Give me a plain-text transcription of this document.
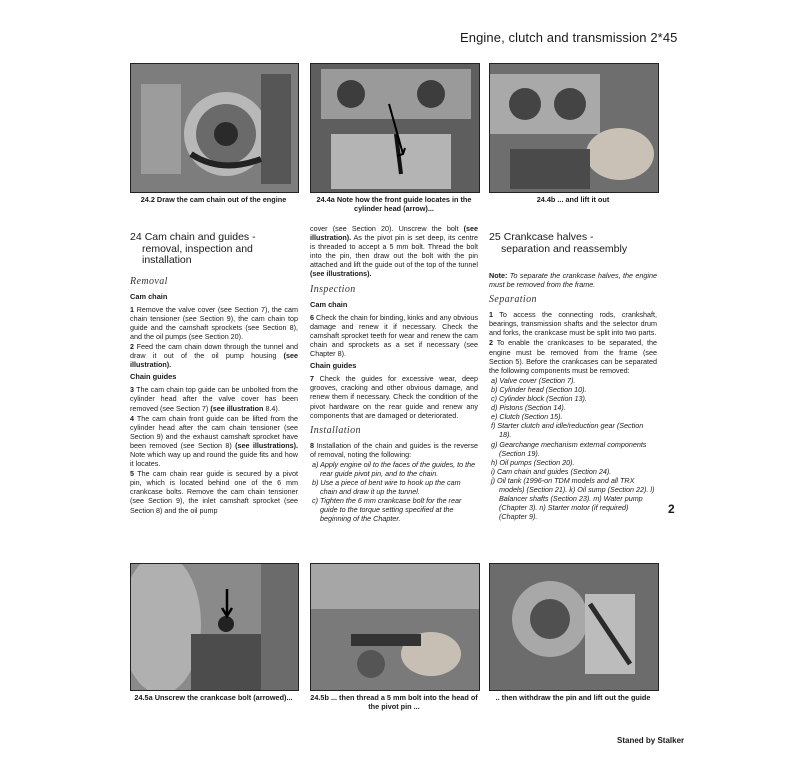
Engine, clutch and transmission 2*45
24.2 Draw the cam chain out of the engine	24.4a Note how the front guide locates in the cylinder head (arrow)...
24.4b ... and lift it out
24 Cam chain and guides -
removal, inspection and
installation
Removal
Cam chain

1 Remove the valve cover (see Section 7), the cam chain tensioner (see Section 9), the cam chain top guide and the camshaft sprockets (see Section 8), and the oil pumps (see Section 20).

2 Feed the cam chain down through the tunnel and draw it out of the oil pump housing (see illustration).

Chain guides

3 The cam chain top guide can be unbolted from the cylinder head after the valve cover has been removed (see Section 7) (see illustration 8.4).

4 The cam chain front guide can be lifted from the cylinder head after the cam chain tensioner (see Section 9) and the exhaust camshaft sprocket have been removed (see Section 8) (see illustrations). Note which way up and round the guide fits and how it locates.

5 The cam chain rear guide is secured by a pivot pin, which is located behind one of the 6 mm crankcase bolts. Remove the cam chain tensioner (see Section 9), the inlet camshaft sprocket (see Section 8) and the oil pump

cover (see Section 20). Unscrew the bolt (see illustration). As the pivot pin is set deep, its centre is threaded to accept a 5 mm bolt. Thread the bolt into the pin, then draw out the bolt with the pin attached and lift the guide out of the top of the tunnel (see illustrations).

Inspection
Cam chain

6 Check the chain for binding, kinks and any obvious damage and renew it if necessary. Check the camshaft sprocket teeth for wear and renew the cam chain and sprockets as a set if necessary (see Chapter 8).

Chain guides

7 Check the guides for excessive wear, deep grooves, cracking and other obvious damage, and renew them if necessary. Check the condition of the pivot hardware on the rear guide and renew any components that are damaged or deteriorated.

Installation

8 Installation of the chain and guides is the reverse of removal, noting the following:

a) Apply engine oil to the faces of the guides, to the rear guide pivot pin, and to the chain.
b) Use a piece of bent wire to hook up the cam chain and draw it up the tunnel.
c) Tighten the 6 mm crankcase bolt for the rear guide to the torque setting specified at the beginning of the Chapter.
25 Crankcase halves -
separation and reassembly

Note: To separate the crankcase halves, the engine must be removed from the frame.

Separation

1 To access the connecting rods, crankshaft, bearings, transmission shafts and the selector drum and forks, the crankcase must be split into two parts.

2 To enable the crankcases to be separated, the engine must be removed from the frame (see Section 5). Before the crankcases can be separated the following components must be removed:

a) Valve cover (Section 7).
b) Cylinder head (Section 10).
c) Cylinder block (Section 13).
d) Pistons (Section 14).
e) Clutch (Section 15).
f) Starter clutch and idle/reduction gear (Section 18).
g) Gearchange mechanism external components (Section 19).
h) Oil pumps (Section 20).
i) Cam chain and guides (Section 24).
j) Oil tank (1996-on TDM models and all TRX models) (Section 21). k) Oil sump (Section 22). l) Balancer shafts (Section 23). m) Water pump (Chapter 3). n) Starter motor (if required) (Chapter 9).
2
24.5a Unscrew the crankcase bolt (arrowed)...	24.5b ... then thread a 5 mm bolt into the head of the pivot pin ...
.. then withdraw the pin and lift out the guide
Staned by Stalker
